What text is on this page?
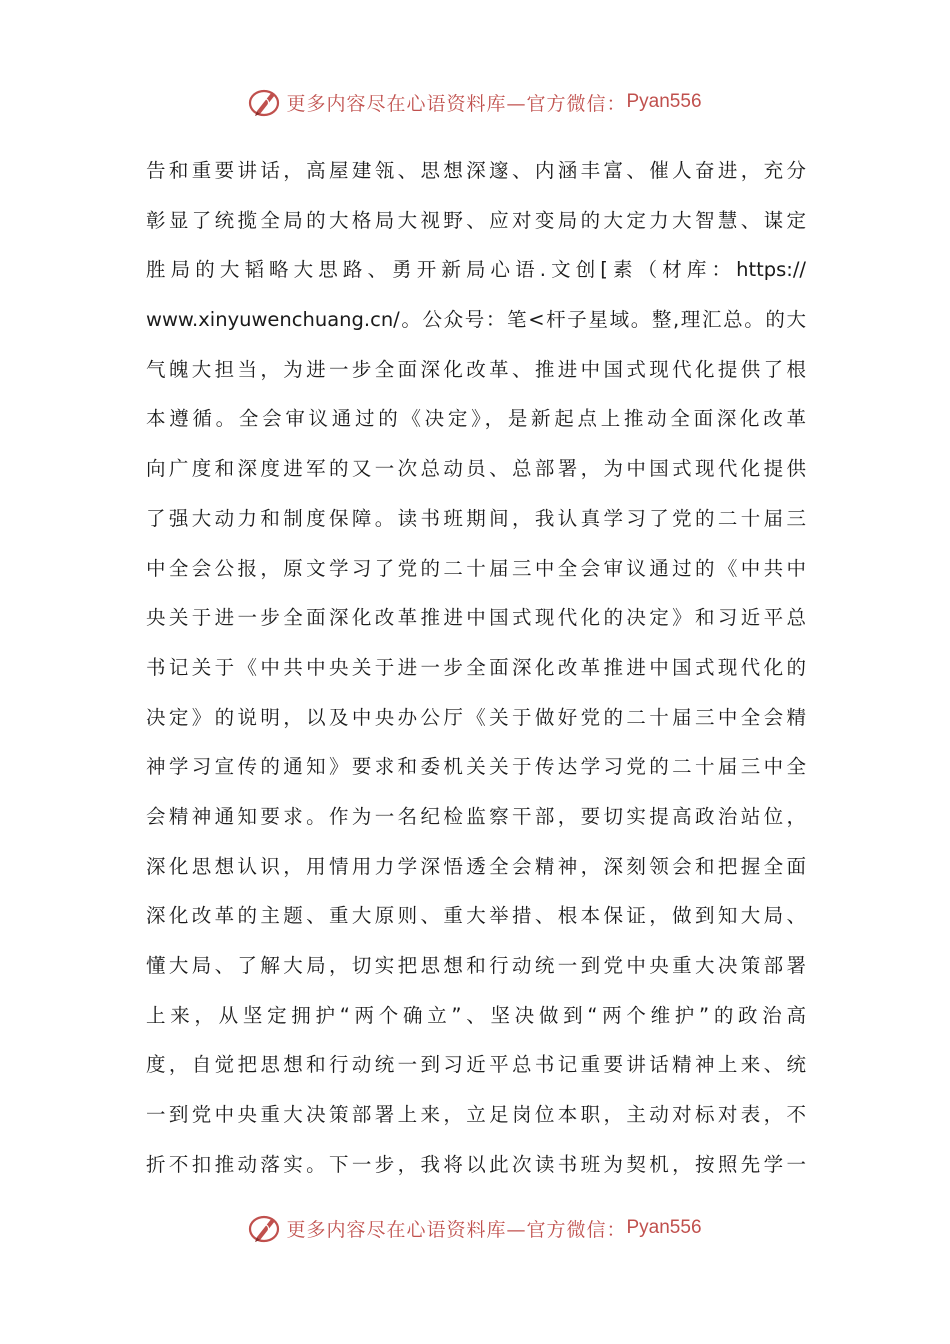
更多内容尽在心语资料库—官方微信： Pyan556
告和重要讲话，高屋建瓴、思想深邃、内涵丰富、催人奋进，充分
彰显了统揽全局的大格局大视野、应对变局的大定力大智慧、谋定
胜局的大韬略大思路、勇开新局心语.文创[素（材库：https://
www.xinyuwenchuang.cn/。公众号：笔<杆子星域。整,理汇总。的大
气魄大担当，为进一步全面深化改革、推进中国式现代化提供了根
本遵循。全会审议通过的《决定》，是新起点上推动全面深化改革
向广度和深度进军的又一次总动员、总部署，为中国式现代化提供
了强大动力和制度保障。读书班期间，我认真学习了党的二十届三
中全会公报，原文学习了党的二十届三中全会审议通过的《中共中
央关于进一步全面深化改革推进中国式现代化的决定》和习近平总
书记关于《中共中央关于进一步全面深化改革推进中国式现代化的
决定》的说明，以及中央办公厅《关于做好党的二十届三中全会精
神学习宣传的通知》要求和委机关关于传达学习党的二十届三中全
会精神通知要求。作为一名纪检监察干部，要切实提高政治站位，
深化思想认识，用情用力学深悟透全会精神，深刻领会和把握全面
深化改革的主题、重大原则、重大举措、根本保证，做到知大局、
懂大局、了解大局，切实把思想和行动统一到党中央重大决策部署
上来，从坚定拥护“两个确立”、坚决做到“两个维护”的政治高
度，自觉把思想和行动统一到习近平总书记重要讲话精神上来、统
一到党中央重大决策部署上来，立足岗位本职，主动对标对表，不
折不扣推动落实。下一步，我将以此次读书班为契机，按照先学一
更多内容尽在心语资料库—官方微信： Pyan556
